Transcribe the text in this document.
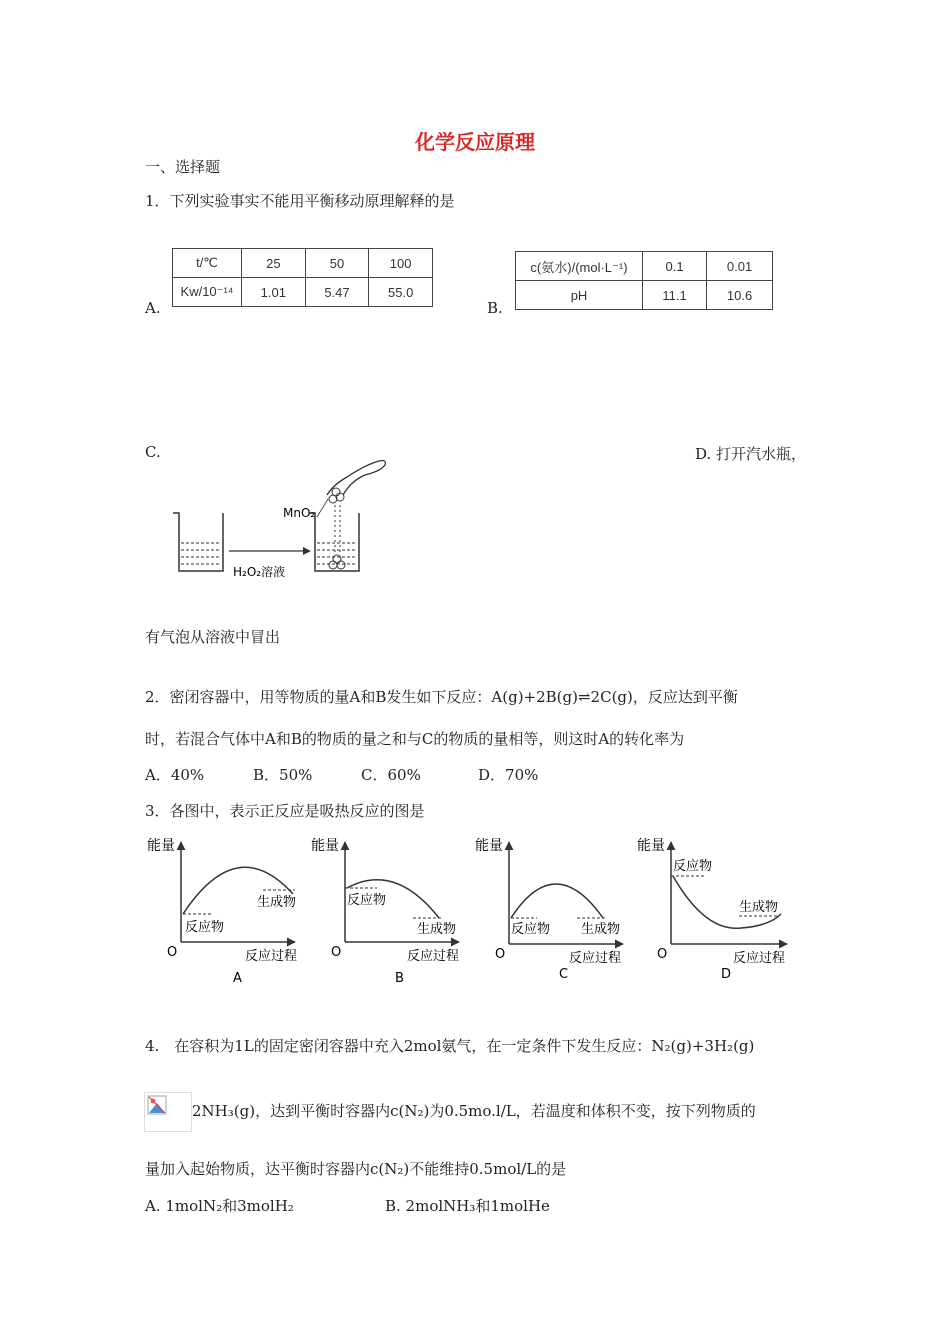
化学反应原理
一、选择题
1．下列实验事实不能用平衡移动原理解释的是
A.
t/℃	25	50	100
Kw/10⁻¹⁴	1.01	5.47	55.0
B.
c(氨水)/(mol·L⁻¹)	0.1	0.01
pH	11.1	10.6
C.	D. 打开汽水瓶，
MnO₂
H₂O₂溶液
有气泡从溶液中冒出
2．密闭容器中，用等物质的量A和B发生如下反应：A(g)+2B(g)⇌2C(g)，反应达到平衡
时，若混合气体中A和B的物质的量之和与C的物质的量相等，则这时A的转化率为
A．40%	B．50%	C．60%	D．70%
3．各图中，表示正反应是吸热反应的图是
能量
O
反应物
生成物
反应过程
A
能量
O
反应物
生成物
反应过程
B
能量
O
反应物 生成物
反应过程
C
能量
O
反应物
生成物
反应过程
D
4.　在容积为1L的固定密闭容器中充入2mol氨气，在一定条件下发生反应：N₂(g)+3H₂(g)
2NH₃(g)，达到平衡时容器内c(N₂)为0.5mo.l/L，若温度和体积不变，按下列物质的
量加入起始物质，达平衡时容器内c(N₂)不能维持0.5mol/L的是
A. 1molN₂和3molH₂	B. 2molNH₃和1molHe
